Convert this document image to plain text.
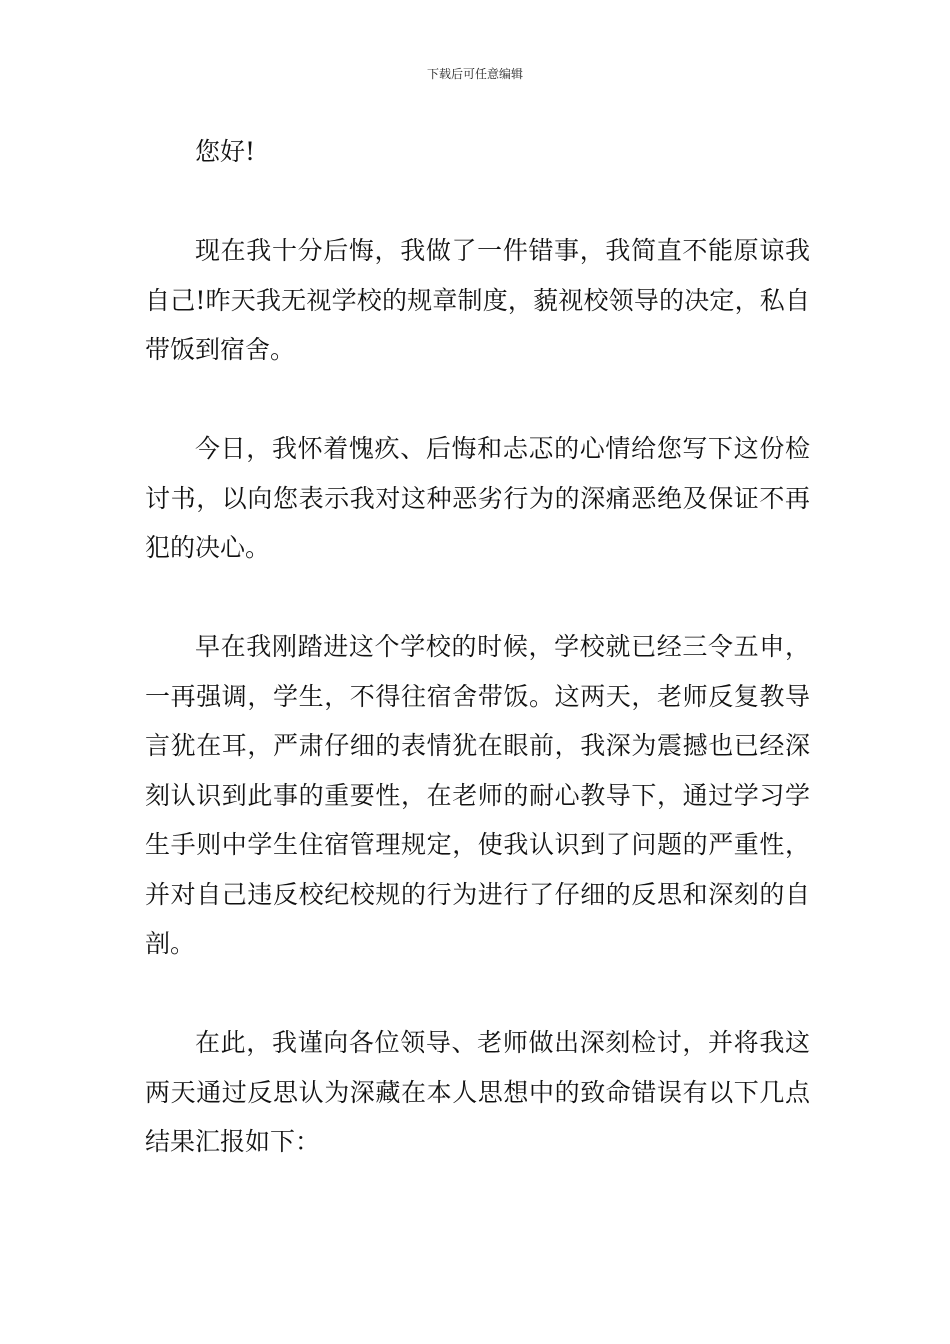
下载后可任意编辑

您好!

现在我十分后悔，我做了一件错事，我简直不能原谅我自己!昨天我无视学校的规章制度，藐视校领导的决定，私自带饭到宿舍。

今日，我怀着愧疚、后悔和忐忑的心情给您写下这份检讨书，以向您表示我对这种恶劣行为的深痛恶绝及保证不再犯的决心。

早在我刚踏进这个学校的时候，学校就已经三令五申，一再强调，学生，不得往宿舍带饭。这两天，老师反复教导言犹在耳，严肃仔细的表情犹在眼前，我深为震撼也已经深刻认识到此事的重要性，在老师的耐心教导下，通过学习学生手则中学生住宿管理规定，使我认识到了问题的严重性，并对自己违反校纪校规的行为进行了仔细的反思和深刻的自剖。

在此，我谨向各位领导、老师做出深刻检讨，并将我这两天通过反思认为深藏在本人思想中的致命错误有以下几点结果汇报如下：
